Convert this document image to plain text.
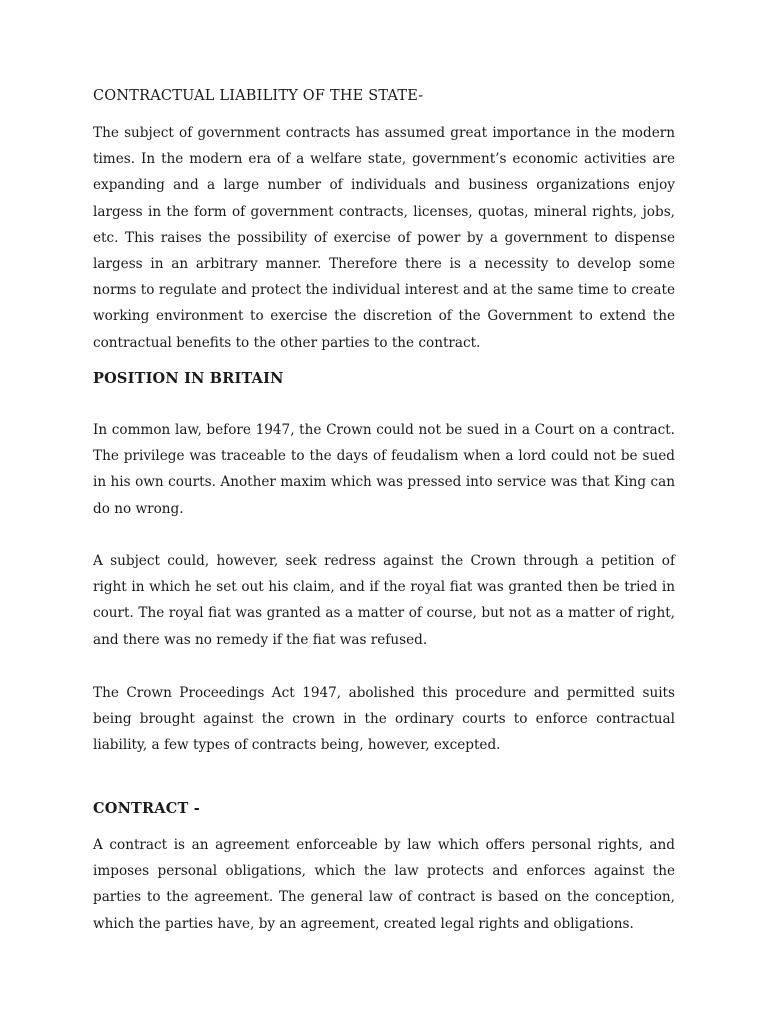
CONTRACTUAL LIABILITY OF THE STATE-

The subject of government contracts has assumed great importance in the modern times. In the modern era of a welfare state, government’s economic activities are expanding and a large number of individuals and business organizations enjoy largess in the form of government contracts, licenses, quotas, mineral rights, jobs, etc. This raises the possibility of exercise of power by a government to dispense largess in an arbitrary manner. Therefore there is a necessity to develop some norms to regulate and protect the individual interest and at the same time to create working environment to exercise the discretion of the Government to extend the contractual benefits to the other parties to the contract.

POSITION IN BRITAIN

In common law, before 1947, the Crown could not be sued in a Court on a contract. The privilege was traceable to the days of feudalism when a lord could not be sued in his own courts. Another maxim which was pressed into service was that King can do no wrong.

A subject could, however, seek redress against the Crown through a petition of right in which he set out his claim, and if the royal fiat was granted then be tried in court. The royal fiat was granted as a matter of course, but not as a matter of right, and there was no remedy if the fiat was refused.

The Crown Proceedings Act 1947, abolished this procedure and permitted suits being brought against the crown in the ordinary courts to enforce contractual liability, a few types of contracts being, however, excepted.

CONTRACT -

A contract is an agreement enforceable by law which offers personal rights, and imposes personal obligations, which the law protects and enforces against the parties to the agreement. The general law of contract is based on the conception, which the parties have, by an agreement, created legal rights and obligations.
